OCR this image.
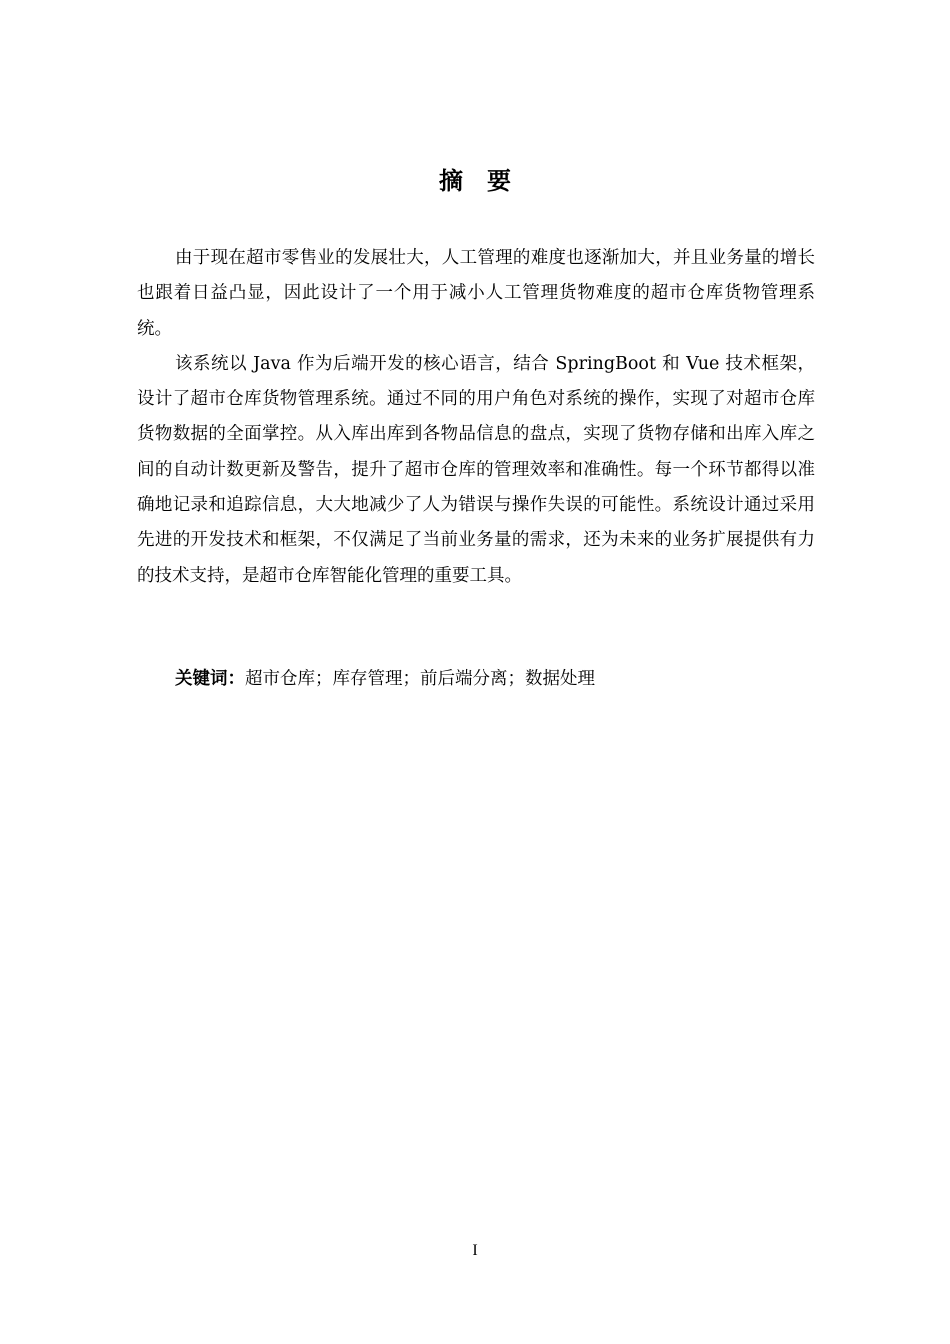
摘要

由于现在超市零售业的发展壮大，人工管理的难度也逐渐加大，并且业务量的增长也跟着日益凸显，因此设计了一个用于减小人工管理货物难度的超市仓库货物管理系统。

该系统以 Java 作为后端开发的核心语言，结合 SpringBoot 和 Vue 技术框架，设计了超市仓库货物管理系统。通过不同的用户角色对系统的操作，实现了对超市仓库货物数据的全面掌控。从入库出库到各物品信息的盘点，实现了货物存储和出库入库之间的自动计数更新及警告，提升了超市仓库的管理效率和准确性。每一个环节都得以准确地记录和追踪信息，大大地减少了人为错误与操作失误的可能性。系统设计通过采用先进的开发技术和框架，不仅满足了当前业务量的需求，还为未来的业务扩展提供有力的技术支持，是超市仓库智能化管理的重要工具。

关键词：超市仓库；库存管理；前后端分离；数据处理
I
